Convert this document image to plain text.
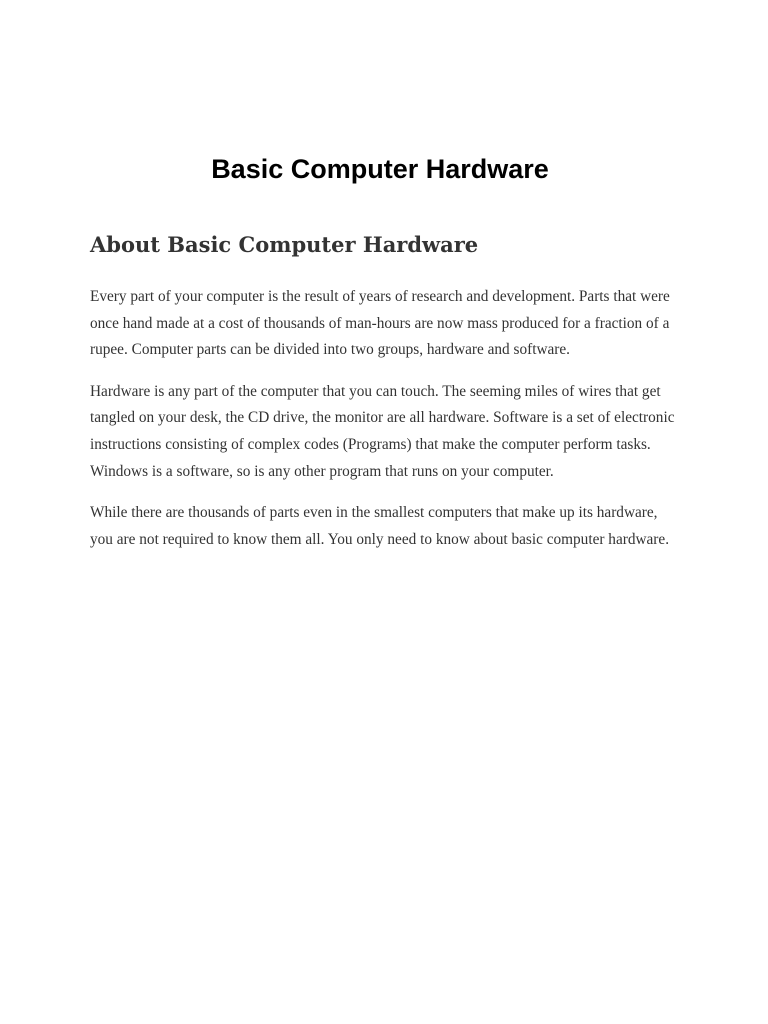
Basic Computer Hardware
About Basic Computer Hardware

Every part of your computer is the result of years of research and development. Parts that were once hand made at a cost of thousands of man-hours are now mass produced for a fraction of a rupee. Computer parts can be divided into two groups, hardware and software.

Hardware is any part of the computer that you can touch. The seeming miles of wires that get tangled on your desk, the CD drive, the monitor are all hardware. Software is a set of electronic instructions consisting of complex codes (Programs) that make the computer perform tasks. Windows is a software, so is any other program that runs on your computer.

While there are thousands of parts even in the smallest computers that make up its hardware, you are not required to know them all. You only need to know about basic computer hardware.
